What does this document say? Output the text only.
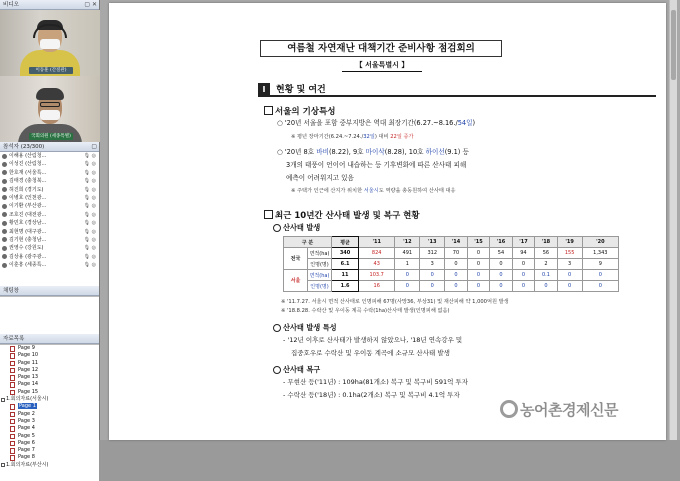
비디오	▢ ✕
이동훈 (간질관)
국회의원 (세종특별)
참석자 (23/300)	▢
이해용 (산림청...	🎙 ◎
이성진 (산림청...	🎙 ◎
한호재 (서울특...	🎙 ◎
김태경 (충청북...	🎙 ◎
허진희 (경기도)	🎙 ◎
이병호 (인천광...	🎙 ◎
이기환 (부산광...	🎙 ◎
조호진 (대전광...	🎙 ◎
황민호 (경상남...	🎙 ◎
최현명 (대구광...	🎙 ◎
김기현 (충청남...	🎙 ◎
권영수 (강원도)	🎙 ◎
김상용 (광주광...	🎙 ◎
이훈흥 (세종특...	🎙 ◎
채팅창
자료목록
Page 9
Page 10
Page 11
Page 12
Page 13
Page 14
Page 15
1.회의자료(서울시)
Page 1
Page 2
Page 3
Page 4
Page 5
Page 6
Page 7
Page 8
1.회의자료(부산시)
여름철 자연재난 대책기간 준비사항 점검회의
【 서울특별시 】
Ⅰ	현황 및 여건
서울의 기상특성
○ '20년 서울을 포함 중부지방은 역대 최장기간(6.27.~8.16./54일)
※ 평년 장마기간(6.24.~7.24./32일) 대비 22일 증가
○ '20년 8호 바비(8.22), 9호 마이삭(8.28), 10호 하이선(9.1) 등
3개의 태풍이 언이어 내습하는 등 기후변화에 따른 산사태 피해
예측이 어려워지고 있음
※ 주택가 인근에 산지가 위치한 서울시도 역량을 총동원하여 산사태 대응
최근 10년간 산사태 발생 및 복구 현황
산사태 발생
구 분		평균	'11	'12	'13	'14	'15	'16	'17	'18	'19	'20
전국	면적(ha)	340	824	491	312	70	0	54	94	56	155	1,343
	인명(명)	6.1	43	1	3	0	0	0	0	2	3	9
서울	면적(ha)	11	103.7	0	0	0	0	0	0	0.1	0	0
	인명(명)	1.6	16	0	0	0	0	0	0	0	0	0
※ '11.7.27. 서울시 면적 산사태로 인명피해 67명(사망36, 부상31) 및 재산피해 약 1,000억원 발생
※ '18.8.28. 수락산 및 우이동 계곡 수락(1ha)산사태 발생(인명피해 없음)
산사태 발생 특성
- '12년 이후로 산사태가 발생하지 않았으나, '18년 연속강우 및
집중호우로 수락산 및 우이동 계곡에 소규모 산사태 발생
산사태 복구
- 무현산 등('11년) : 109ha(81개소) 복구 및 복구비 591억 투자
- 수락산 등('18년) : 0.1ha(2개소) 복구 및 복구비 4.1억 투자
농어촌경제신문
